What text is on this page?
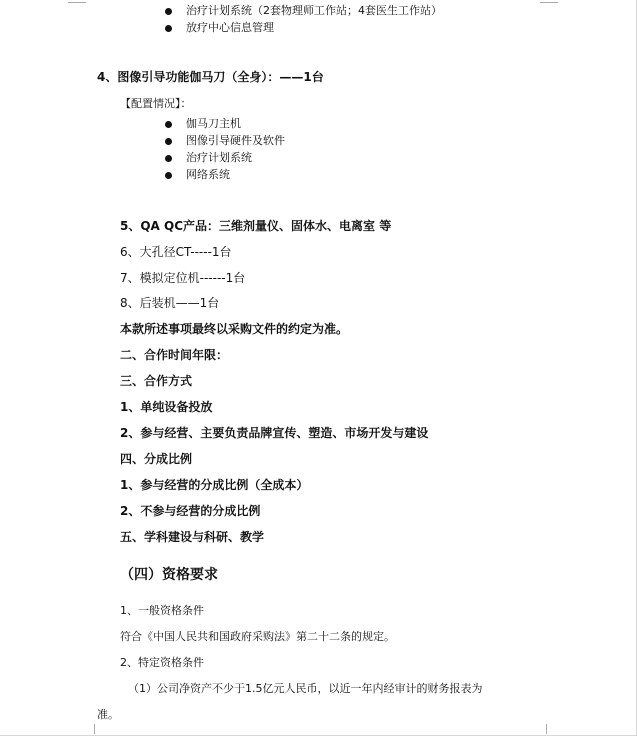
治疗计划系统（2套物理师工作站；4套医生工作站）
放疗中心信息管理
4、图像引导功能伽马刀（全身）：——1台
【配置情况】：
伽马刀主机
图像引导硬件及软件
治疗计划系统
网络系统
5、QA QC产品：三维剂量仪、固体水、电离室 等
6、大孔径CT-----1台
7、模拟定位机------1台
8、后装机——1台
本款所述事项最终以采购文件的约定为准。
二、合作时间年限：
三、合作方式
1、单纯设备投放
2、参与经营、主要负责品牌宣传、塑造、市场开发与建设
四、分成比例
1、参与经营的分成比例（全成本）
2、不参与经营的分成比例
五、学科建设与科研、教学
（四）资格要求
1、一般资格条件
符合《中国人民共和国政府采购法》第二十二条的规定。
2、特定资格条件
（1）公司净资产不少于1.5亿元人民币，以近一年内经审计的财务报表为
准。
